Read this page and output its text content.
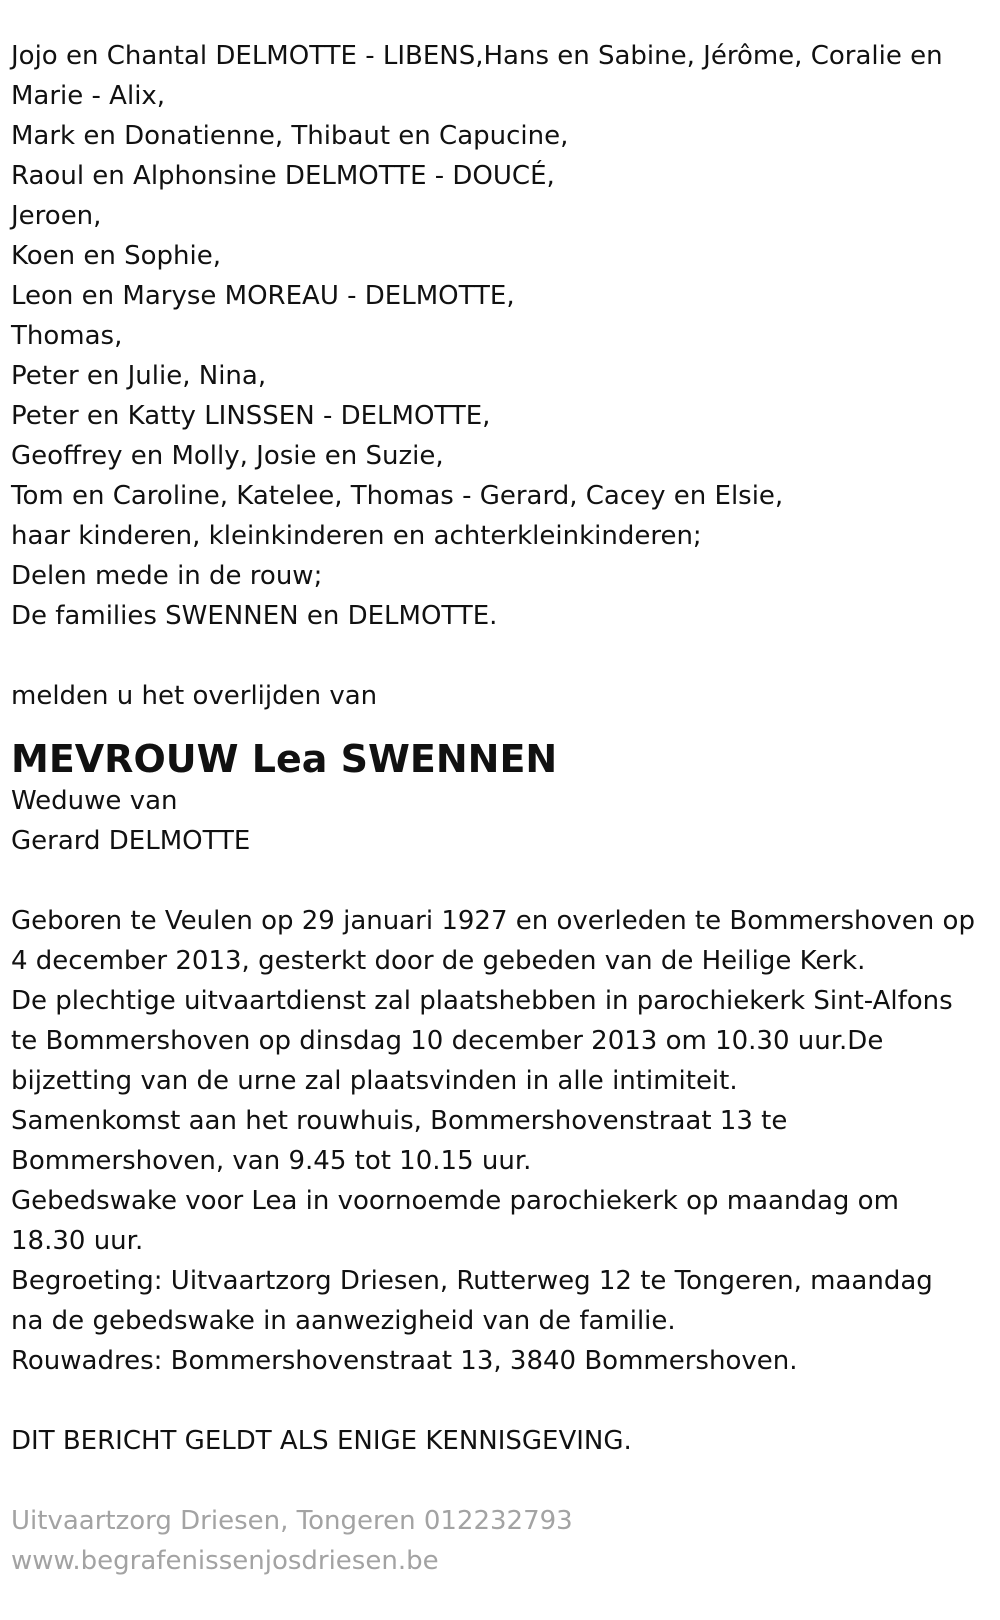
Jojo en Chantal DELMOTTE - LIBENS,Hans en Sabine, Jérôme, Coralie en

Marie - Alix,

Mark en Donatienne, Thibaut en Capucine,

Raoul en Alphonsine DELMOTTE - DOUCÉ,

Jeroen,

Koen en Sophie,

Leon en Maryse MOREAU - DELMOTTE,

Thomas,

Peter en Julie, Nina,

Peter en Katty LINSSEN - DELMOTTE,

Geoffrey en Molly, Josie en Suzie,

Tom en Caroline, Katelee, Thomas - Gerard, Cacey en Elsie,

haar kinderen, kleinkinderen en achterkleinkinderen;

Delen mede in de rouw;

De families SWENNEN en DELMOTTE.

melden u het overlijden van

MEVROUW Lea SWENNEN

Weduwe van

Gerard DELMOTTE

Geboren te Veulen op 29 januari 1927 en overleden te Bommershoven op

4 december 2013, gesterkt door de gebeden van de Heilige Kerk.

De plechtige uitvaartdienst zal plaatshebben in parochiekerk Sint-Alfons

te Bommershoven op dinsdag 10 december 2013 om 10.30 uur.De

bijzetting van de urne zal plaatsvinden in alle intimiteit.

Samenkomst aan het rouwhuis, Bommershovenstraat 13 te

Bommershoven, van 9.45 tot 10.15 uur.

Gebedswake voor Lea in voornoemde parochiekerk op maandag om

18.30 uur.

Begroeting: Uitvaartzorg Driesen, Rutterweg 12 te Tongeren, maandag

na de gebedswake in aanwezigheid van de familie.

Rouwadres: Bommershovenstraat 13, 3840 Bommershoven.

DIT BERICHT GELDT ALS ENIGE KENNISGEVING.

Uitvaartzorg Driesen, Tongeren 012232793

www.begrafenissenjosdriesen.be
